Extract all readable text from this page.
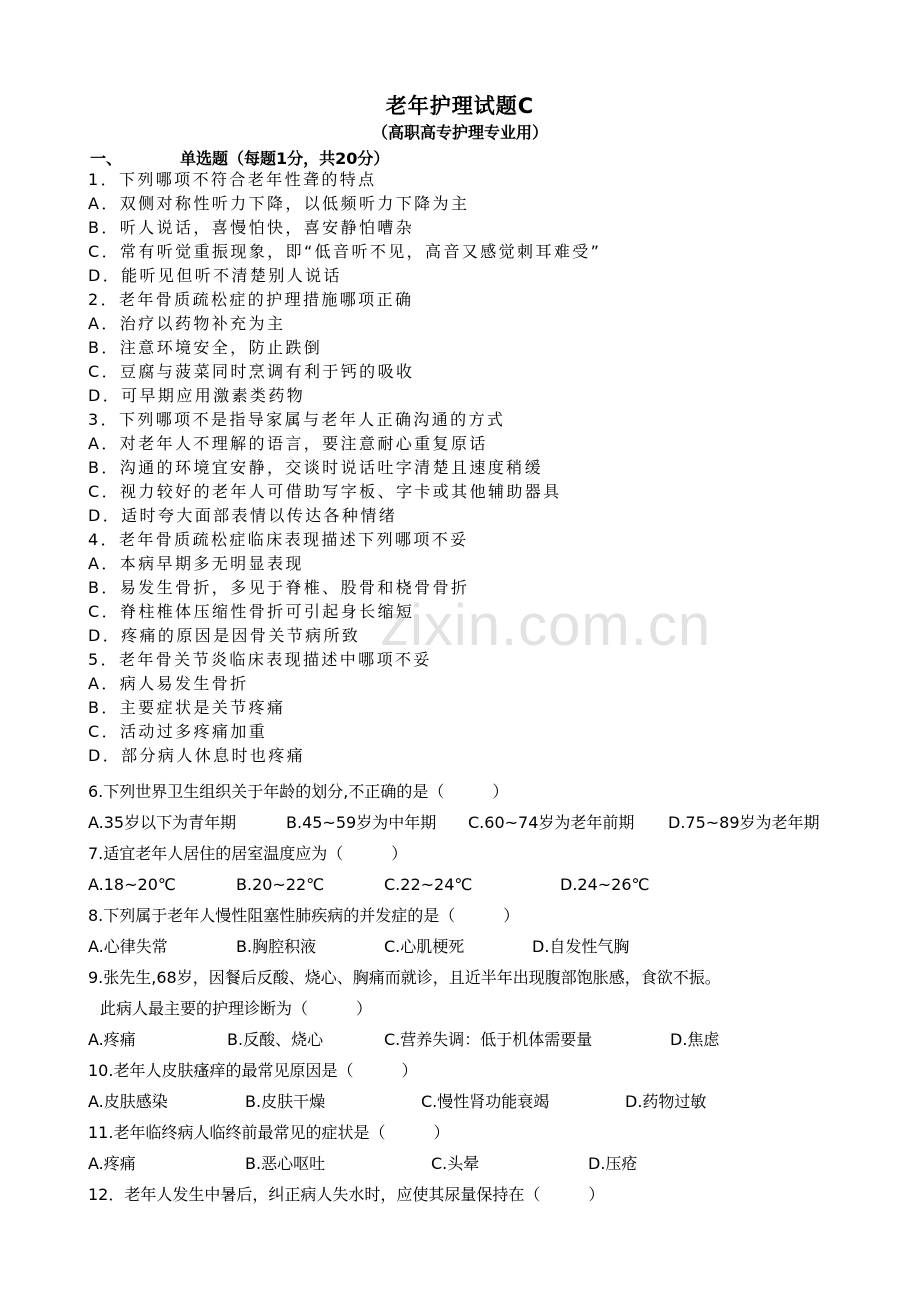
zixin.com.cn
老年护理试题C
（高职高专护理专业用）
一、	单选题（每题1分，共20分）
1．下列哪项不符合老年性聋的特点
A．双侧对称性听力下降，以低频听力下降为主
B．听人说话，喜慢怕快，喜安静怕嘈杂
C．常有听觉重振现象，即“低音听不见，高音又感觉刺耳难受”
D．能听见但听不清楚别人说话
2．老年骨质疏松症的护理措施哪项正确
A．治疗以药物补充为主
B．注意环境安全，防止跌倒
C．豆腐与菠菜同时烹调有利于钙的吸收
D．可早期应用激素类药物
3．下列哪项不是指导家属与老年人正确沟通的方式
A．对老年人不理解的语言，要注意耐心重复原话
B．沟通的环境宜安静，交谈时说话吐字清楚且速度稍缓
C．视力较好的老年人可借助写字板、字卡或其他辅助器具
D．适时夸大面部表情以传达各种情绪
4．老年骨质疏松症临床表现描述下列哪项不妥
A．本病早期多无明显表现
B．易发生骨折，多见于脊椎、股骨和桡骨骨折
C．脊柱椎体压缩性骨折可引起身长缩短
D．疼痛的原因是因骨关节病所致
5．老年骨关节炎临床表现描述中哪项不妥
A．病人易发生骨折
B．主要症状是关节疼痛
C．活动过多疼痛加重
D．部分病人休息时也疼痛
6.下列世界卫生组织关于年龄的划分,不正确的是（　　　）
A.35岁以下为青年期	B.45~59岁为中年期	C.60~74岁为老年前期	D.75~89岁为老年期
7.适宜老年人居住的居室温度应为（　　　）
A.18~20℃	B.20~22℃	C.22~24℃	D.24~26℃
8.下列属于老年人慢性阻塞性肺疾病的并发症的是（　　　）
A.心律失常	B.胸腔积液	C.心肌梗死	D.自发性气胸
9.张先生,68岁，因餐后反酸、烧心、胸痛而就诊，且近半年出现腹部饱胀感，食欲不振。
此病人最主要的护理诊断为（　　　）
A.疼痛	B.反酸、烧心	C.营养失调：低于机体需要量	D.焦虑
10.老年人皮肤瘙痒的最常见原因是（　　　）
A.皮肤感染	B.皮肤干燥	C.慢性肾功能衰竭	D.药物过敏
11.老年临终病人临终前最常见的症状是（　　　）
A.疼痛	B.恶心呕吐	C.头晕	D.压疮
12．老年人发生中暑后，纠正病人失水时，应使其尿量保持在（　　　）
